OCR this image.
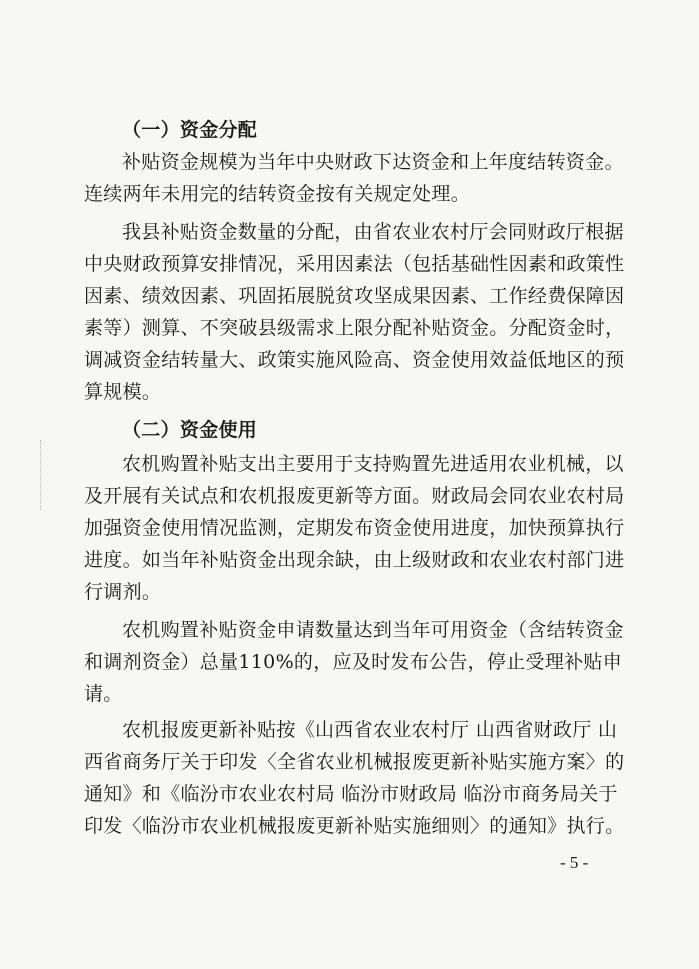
（一）资金分配
补贴资金规模为当年中央财政下达资金和上年度结转资金。
连续两年未用完的结转资金按有关规定处理。
我县补贴资金数量的分配，由省农业农村厅会同财政厅根据
中央财政预算安排情况，采用因素法（包括基础性因素和政策性
因素、绩效因素、巩固拓展脱贫攻坚成果因素、工作经费保障因
素等）测算、不突破县级需求上限分配补贴资金。分配资金时，
调减资金结转量大、政策实施风险高、资金使用效益低地区的预
算规模。
（二）资金使用
农机购置补贴支出主要用于支持购置先进适用农业机械，以
及开展有关试点和农机报废更新等方面。财政局会同农业农村局
加强资金使用情况监测，定期发布资金使用进度，加快预算执行
进度。如当年补贴资金出现余缺，由上级财政和农业农村部门进
行调剂。
农机购置补贴资金申请数量达到当年可用资金（含结转资金
和调剂资金）总量110%的，应及时发布公告，停止受理补贴申
请。
农机报废更新补贴按《山西省农业农村厅 山西省财政厅 山
西省商务厅关于印发〈全省农业机械报废更新补贴实施方案〉的
通知》和《临汾市农业农村局 临汾市财政局 临汾市商务局关于
印发〈临汾市农业机械报废更新补贴实施细则〉的通知》执行。
- 5 -
